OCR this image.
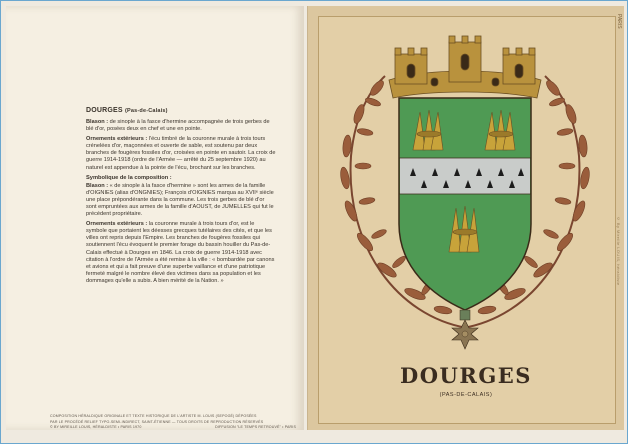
DOURGES (Pas-de-Calais)
Blason : de sinople à la fasce d'hermine accompagnée de trois gerbes de blé d'or, posées deux en chef et une en pointe.
Ornements extérieurs : l'écu timbré de la couronne murale à trois tours crénelées d'or, maçonnées et ouverte de sable, est soutenu par deux branches de fougères fossiles d'or, croisées en pointe en sautoir. La croix de guerre 1914-1918 (ordre de l'Armée — arrêté du 25 septembre 1920) au naturel est appendue à la pointe de l'écu, brochant sur les branches.
Symbolique de la composition :
Blason : « de sinople à la fasce d'hermine » sont les armes de la famille d'OIGNIES (alias d'ONGNIES); François d'OIGNIES marqua au XVIIᵉ siècle une place prépondérante dans la commune. Les trois gerbes de blé d'or sont empruntées aux armes de la famille d'AOUST, de JUMELLES qui fut le précédent propriétaire.
Ornements extérieurs : la couronne murale à trois tours d'or, est le symbole que portaient les déesses grecques tutélaires des cités, et que les villes ont repris depuis l'Empire. Les branches de fougères fossiles qui soutiennent l'écu évoquent le premier forage du bassin houiller du Pas-de-Calais effectué à Dourges en 1846. La croix de guerre 1914-1918 avec citation à l'ordre de l'Armée a été remise à la ville : « bombardée par canons et avions et qui a fait preuve d'une superbe vaillance et d'une patriotique fermeté malgré le nombre élevé des victimes dans sa population et les dommages qu'elle a subis. A bien mérité de la Nation. »
COMPOSITION HÉRALDIQUE ORIGINALE ET TEXTE HISTORIQUE DE L'ARTISTE M. LOUIS (SEPOGÉ) DÉPOSÉES
PAR LE PROCÉDÉ RELIEF TYPO-SEMI-INDIRECT, SAINT-ÉTIENNE — TOUS DROITS DE REPRODUCTION RÉSERVÉS
© BY MIREILLE LOUIS, HÉRALDISTE • PARIS 1970	DIFFUSION "LE TEMPS RETROUVÉ" • PARIS
PARIS
© By Mireille LOUIS, héraldiste
DOURGES
(PAS-DE-CALAIS)
